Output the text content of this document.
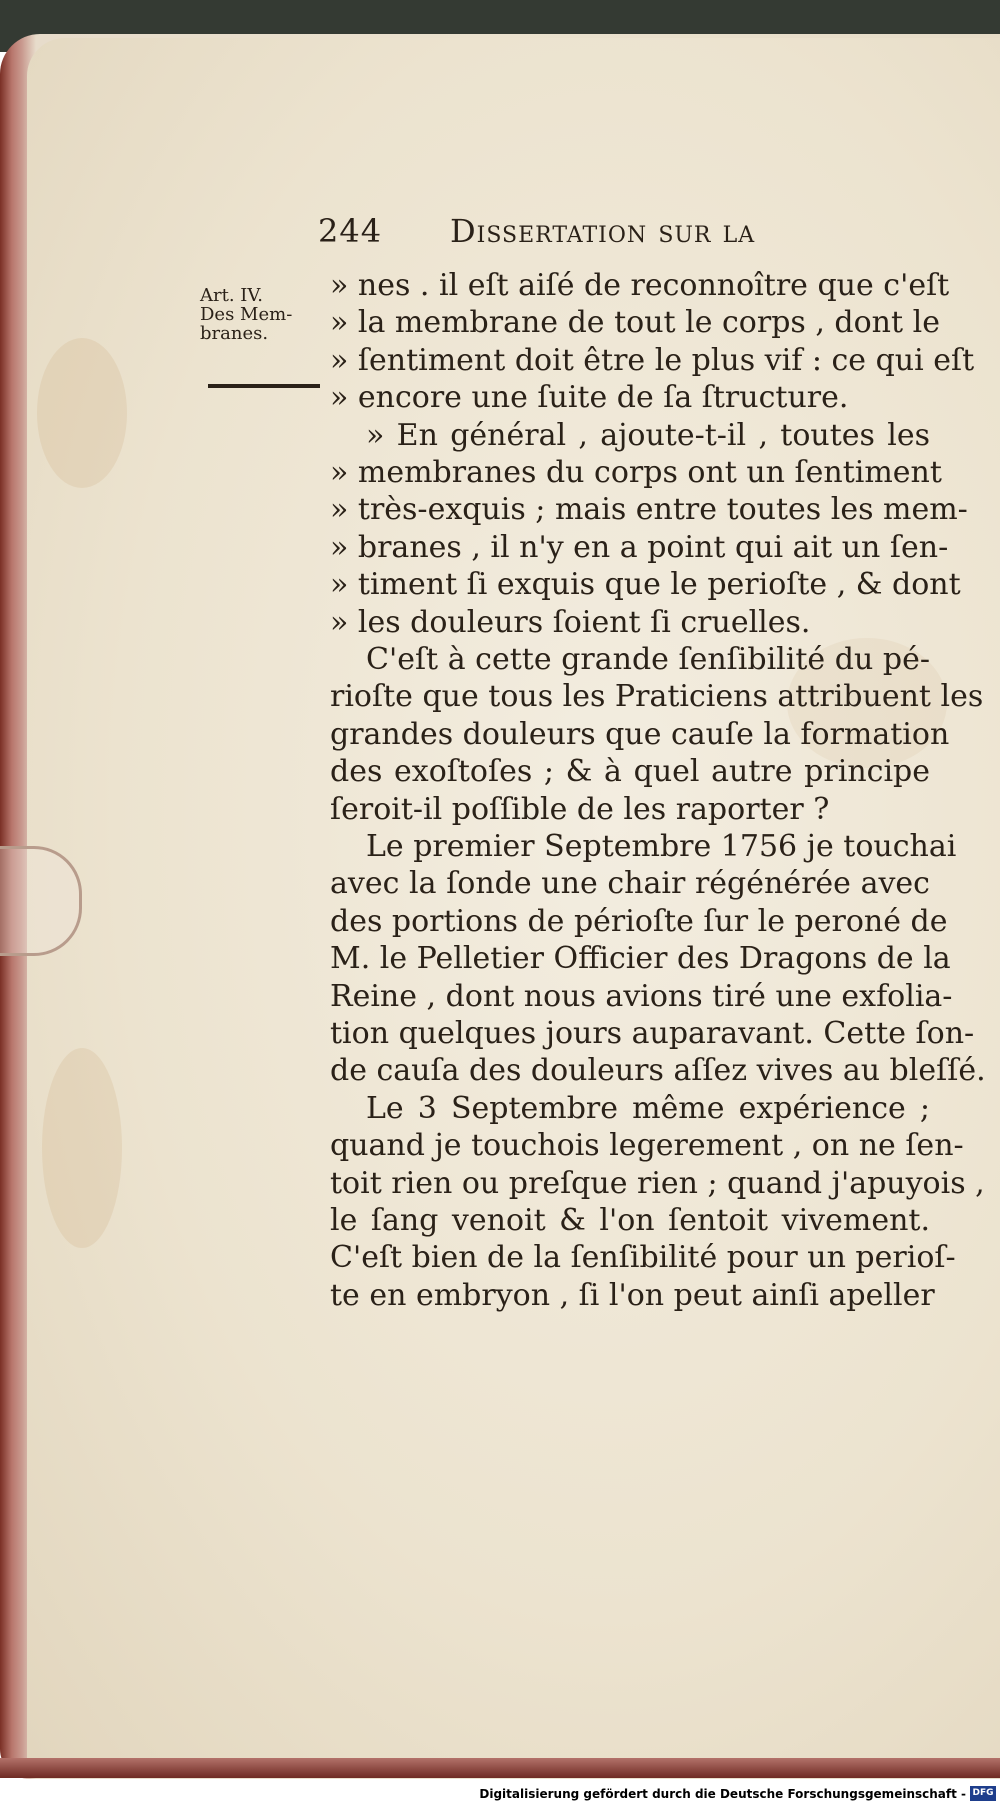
244 Dissertation sur la
Art. IV.
Des Mem-
branes.
» nes . il eſt aiſé de reconnoître que c'eſt
» la membrane de tout le corps , dont le
» ſentiment doit être le plus vif : ce qui eſt
» encore une ſuite de ſa ſtructure.
» En général , ajoute-t-il , toutes les
» membranes du corps ont un ſentiment
» très-exquis ; mais entre toutes les mem-
» branes , il n'y en a point qui ait un ſen-
» timent ſi exquis que le perioſte , & dont
» les douleurs ſoient ſi cruelles.
C'eſt à cette grande ſenſibilité du pé-
rioſte que tous les Praticiens attribuent les
grandes douleurs que cauſe la formation
des exoſtoſes ; & à quel autre principe
ſeroit-il poſſible de les raporter ?
Le premier Septembre 1756 je touchai
avec la ſonde une chair régénérée avec
des portions de périoſte ſur le peroné de
M. le Pelletier Officier des Dragons de la
Reine , dont nous avions tiré une exfolia-
tion quelques jours auparavant. Cette ſon-
de cauſa des douleurs aſſez vives au bleſſé.
Le 3 Septembre même expérience ;
quand je touchois legerement , on ne ſen-
toit rien ou preſque rien ; quand j'apuyois ,
le ſang venoit & l'on ſentoit vivement.
C'eſt bien de la ſenſibilité pour un perioſ-
te en embryon , ſi l'on peut ainſi apeller
Digitalisierung gefördert durch die Deutsche Forschungsgemeinschaft - DFG
